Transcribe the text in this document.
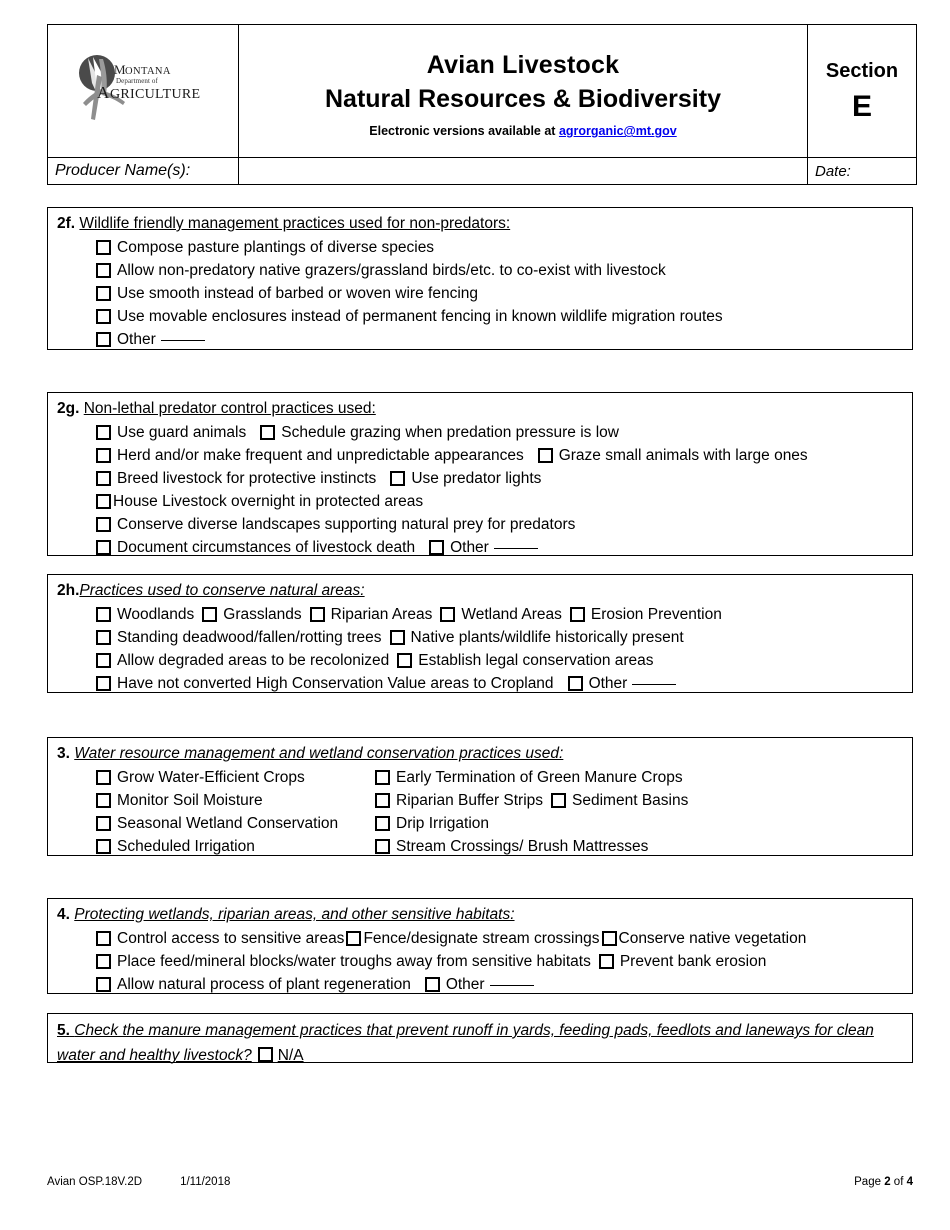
M ONTANA
Department of
A GRICULTURE

Avian Livestock
Natural Resources & Biodiversity
Electronic versions available at agrorganic@mt.gov

Section
E

Producer Name(s):		Date:
2f. Wildlife friendly management practices used for non-predators:
Compose pasture plantings of diverse species
Allow non-predatory native grazers/grassland birds/etc. to co-exist with livestock
Use smooth instead of barbed or woven wire fencing
Use movable enclosures instead of permanent fencing in known wildlife migration routes
Other
2g. Non-lethal predator control practices used:
Use guard animals Schedule grazing when predation pressure is low
Herd and/or make frequent and unpredictable appearances Graze small animals with large ones
Breed livestock for protective instincts Use predator lights
House Livestock overnight in protected areas
Conserve diverse landscapes supporting natural prey for predators
Document circumstances of livestock death Other
2h.Practices used to conserve natural areas:
Woodlands Grasslands Riparian Areas Wetland Areas Erosion Prevention
Standing deadwood/fallen/rotting trees Native plants/wildlife historically present
Allow degraded areas to be recolonized Establish legal conservation areas
Have not converted High Conservation Value areas to Cropland Other
3. Water resource management and wetland conservation practices used:
Grow Water-Efficient Crops	Early Termination of Green Manure Crops
Monitor Soil Moisture	Riparian Buffer Strips Sediment Basins
Seasonal Wetland Conservation	Drip Irrigation
Scheduled Irrigation	Stream Crossings/ Brush Mattresses
4. Protecting wetlands, riparian areas, and other sensitive habitats:
Control access to sensitive areas Fence/designate stream crossings Conserve native vegetation
Place feed/mineral blocks/water troughs away from sensitive habitats Prevent bank erosion
Allow natural process of plant regeneration Other
5. Check the manure management practices that prevent runoff in yards, feeding pads, feedlots and laneways for clean water and healthy livestock? N/A
Avian OSP.18V.2D	1/11/2018	Page 2 of 4
